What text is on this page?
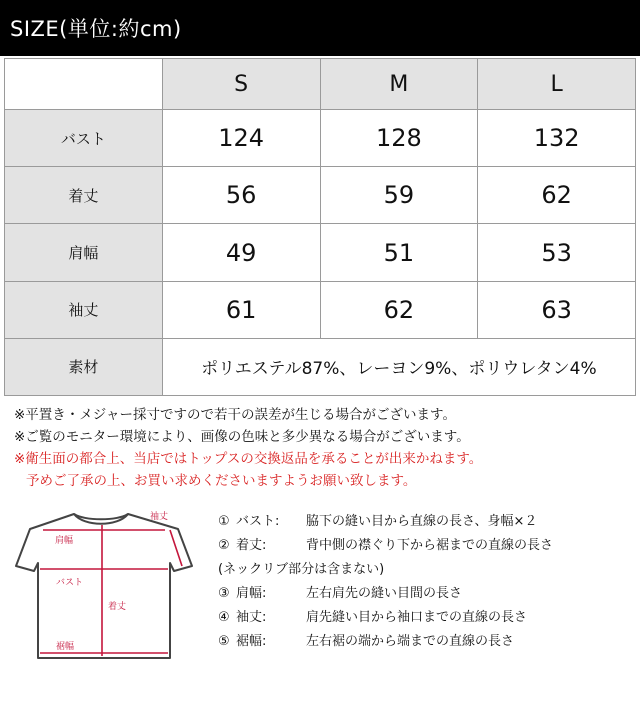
SIZE(単位:約cm)
	S	M	L
バスト	124	128	132
着丈	56	59	62
肩幅	49	51	53
袖丈	61	62	63
素材	ポリエステル87%、レーヨン9%、ポリウレタン4%		
※平置き・メジャー採寸ですので若干の誤差が生じる場合がございます。
※ご覧のモニター環境により、画像の色味と多少異なる場合がございます。
※衛生面の都合上、当店ではトップスの交換返品を承ることが出来かねます。
予めご了承の上、お買い求めくださいますようお願い致します。
肩幅
袖丈
バスト
着丈
裾幅
① バスト: 脇下の縫い目から直線の長さ、身幅×２
② 着丈:	背中側の襟ぐり下から裾までの直線の長さ
(ネックリブ部分は含まない)
③ 肩幅:	左右肩先の縫い目間の長さ
④ 袖丈:	肩先縫い目から袖口までの直線の長さ
⑤ 裾幅:	左右裾の端から端までの直線の長さ
